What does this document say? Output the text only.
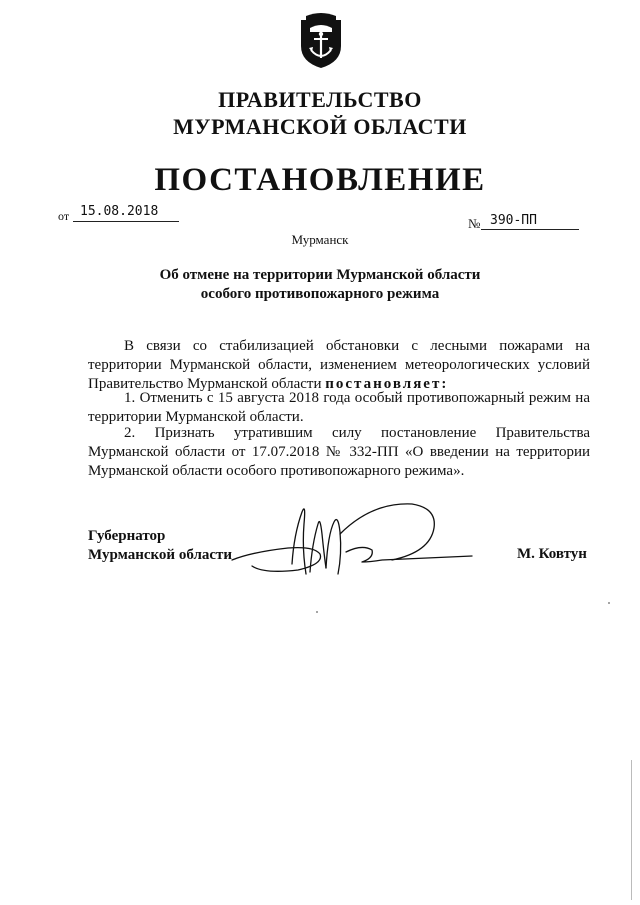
ПРАВИТЕЛЬСТВО
МУРМАНСКОЙ ОБЛАСТИ
ПОСТАНОВЛЕНИЕ
от 15.08.2018
№ 390-ПП
Мурманск
Об отмене на территории Мурманской области
особого противопожарного режима
В связи со стабилизацией обстановки с лесными пожарами на
территории Мурманской области, изменением метеорологических условий
Правительство Мурманской области постановляет:
1. Отменить с 15 августа 2018 года особый противопожарный режим на
территории Мурманской области.
2. Признать утратившим силу постановление Правительства
Мурманской области от 17.07.2018 № 332-ПП «О введении на территории
Мурманской области особого противопожарного режима».
Губернатор
Мурманской области	М. Ковтун
